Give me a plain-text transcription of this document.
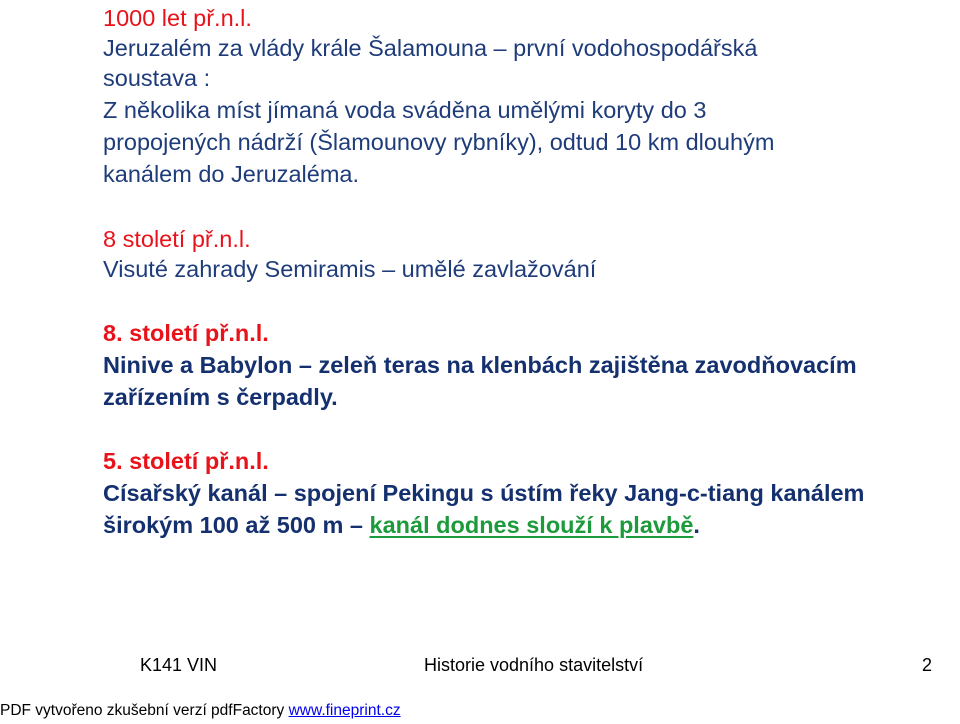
1000 let př.n.l.
Jeruzalém za vlády krále Šalamouna – první vodohospodářská
soustava :
Z několika míst jímaná voda sváděna umělými koryty do 3
propojených nádrží (Šlamounovy rybníky), odtud 10 km dlouhým
kanálem do Jeruzaléma.
8 století př.n.l.
Visuté zahrady Semiramis – umělé zavlažování
8. století př.n.l.
Ninive a Babylon – zeleň teras na klenbách zajištěna zavodňovacím
zařízením s čerpadly.
5. století př.n.l.
Císařský kanál – spojení Pekingu s ústím řeky Jang-c-tiang kanálem
širokým 100 až 500 m – kanál dodnes slouží k plavbě.
K141 VIN	Historie vodního stavitelství	2
PDF vytvořeno zkušební verzí pdfFactory www.fineprint.cz
